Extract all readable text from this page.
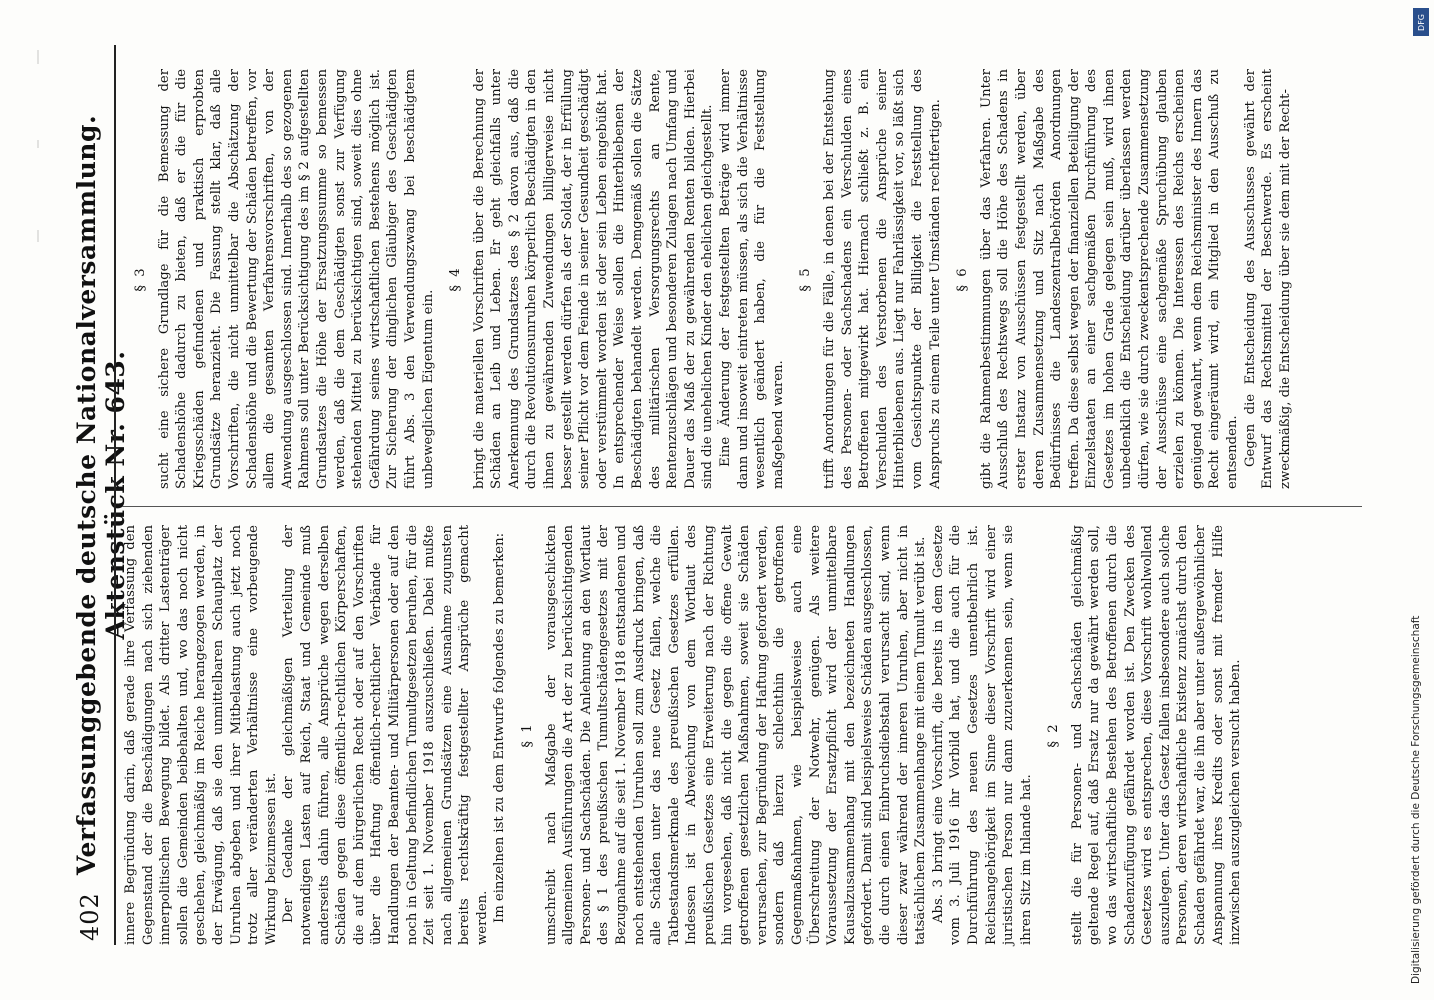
402
Verfassunggebende deutsche Nationalversammlung. Aktenstück Nr. 643.

innere Begründung darin, daß gerade ihre Verfassung den Gegenstand der die Beschädigungen nach sich ziehenden innerpolitischen Bewegung bildet. Als dritter Lastenträger sollen die Gemeinden beibehalten und, wo das noch nicht geschehen, gleichmäßig im Reiche herangezogen werden, in der Erwägung, daß sie den unmittelbaren Schauplatz der Unruhen abgeben und ihrer Mitbelastung auch jetzt noch trotz aller veränderten Verhältnisse eine vorbeugende Wirkung beizumessen ist. Der Gedanke der gleichmäßigen Verteilung der notwendigen Lasten auf Reich, Staat und Gemeinde muß anderseits dahin führen, alle Ansprüche wegen derselben Schäden gegen diese öffentlich-rechtlichen Körperschaften, die auf dem bürgerlichen Recht oder auf den Vorschriften über die Haftung öffentlich-rechtlicher Verbände für Handlungen der Beamten- und Militärpersonen oder auf den noch in Geltung befindlichen Tumultgesetzen beruhen, für die Zeit seit 1. November 1918 auszuschließen. Dabei mußte nach allgemeinen Grundsätzen eine Ausnahme zugunsten bereits rechtskräftig festgestellter Ansprüche gemacht werden. Im einzelnen ist zu dem Entwurfe folgendes zu bemerken: § 1 umschreibt nach Maßgabe der vorausgeschickten allgemeinen Ausführungen die Art der zu berücksichtigenden Personen- und Sachschäden. Die Anlehnung an den Wortlaut des § 1 des preußischen Tumultschädengesetzes mit der Bezugnahme auf die seit 1. November 1918 entstandenen und noch entstehenden Unruhen soll zum Ausdruck bringen, daß alle Schäden unter das neue Gesetz fallen, welche die Tatbestandsmerkmale des preußischen Gesetzes erfüllen. Indessen ist in Abweichung von dem Wortlaut des preußischen Gesetzes eine Erweiterung nach der Richtung hin vorgesehen, daß nicht die gegen die offene Gewalt getroffenen gesetzlichen Maßnahmen, soweit sie Schäden verursachen, zur Begründung der Haftung gefordert werden, sondern daß hierzu schlechthin die getroffenen Gegenmaßnahmen, wie beispielsweise auch eine Überschreitung der Notwehr, genügen. Als weitere Voraussetzung der Ersatzpflicht wird der unmittelbare Kausalzusammenhang mit den bezeichneten Handlungen gefordert. Damit sind beispielsweise Schäden ausgeschlossen, die durch einen Einbruchsdiebstahl verursacht sind, wenn dieser zwar während der inneren Unruhen, aber nicht in tatsächlichem Zusammenhange mit einem Tumult verübt ist. Abs. 3 bringt eine Vorschrift, die bereits in dem Gesetze vom 3. Juli 1916 ihr Vorbild hat, und die auch für die Durchführung des neuen Gesetzes unentbehrlich ist. Reichsangehörigkeit im Sinne dieser Vorschrift wird einer juristischen Person nur dann zuzuerkennen sein, wenn sie ihren Sitz im Inlande hat.

§ 2 stellt die für Personen- und Sachschäden gleichmäßig geltende Regel auf, daß Ersatz nur da gewährt werden soll, wo das wirtschaftliche Bestehen des Betroffenen durch die Schadenzufügung gefährdet worden ist. Den Zwecken des Gesetzes wird es entsprechen, diese Vorschrift wohlwollend auszulegen. Unter das Gesetz fallen insbesondere auch solche Personen, deren wirtschaftliche Existenz zunächst durch den Schaden gefährdet war, die ihn aber unter außergewöhnlicher Anspannung ihres Kredits oder sonst mit fremder Hilfe inzwischen auszugleichen versucht haben.

§ 3 sucht eine sichere Grundlage für die Bemessung der Schadenshöhe dadurch zu bieten, daß er die für die Kriegsschäden gefundenen und praktisch erprobten Grundsätze heranzieht. Die Fassung stellt klar, daß alle Vorschriften, die nicht unmittelbar die Abschätzung der Schadenshöhe und die Bewertung der Schäden betreffen, vor allem die gesamten Verfahrensvorschriften, von der Anwendung ausgeschlossen sind. Innerhalb des so gezogenen Rahmens soll unter Berücksichtigung des im § 2 aufgestellten Grundsatzes die Höhe der Ersatzungssumme so bemessen werden, daß die dem Geschädigten sonst zur Verfügung stehenden Mittel zu berücksichtigen sind, soweit dies ohne Gefährdung seines wirtschaftlichen Bestehens möglich ist. Zur Sicherung der dinglichen Gläubiger des Geschädigten führt Abs. 3 den Verwendungszwang bei beschädigtem unbeweglichen Eigentum ein.

§ 4 bringt die materiellen Vorschriften über die Berechnung der Schäden an Leib und Leben. Er geht gleichfalls unter Anerkennung des Grundsatzes des § 2 davon aus, daß die durch die Revolutionsunruhen körperlich Beschädigten in den ihnen zu gewährenden Zuwendungen billigerweise nicht besser gestellt werden dürfen als der Soldat, der in Erfüllung seiner Pflicht vor dem Feinde in seiner Gesundheit geschädigt oder verstümmelt worden ist oder sein Leben eingebüßt hat. In entsprechender Weise sollen die Hinterbliebenen der Beschädigten behandelt werden. Demgemäß sollen die Sätze des militärischen Versorgungsrechts an Rente, Rentenzuschlägen und besonderen Zulagen nach Umfang und Dauer das Maß der zu gewährenden Renten bilden. Hierbei sind die unehelichen Kinder den ehelichen gleichgestellt. Eine Änderung der festgestellten Beträge wird immer dann und insoweit eintreten müssen, als sich die Verhältnisse wesentlich geändert haben, die für die Feststellung maßgebend waren.

§ 5 trifft Anordnungen für die Fälle, in denen bei der Entstehung des Personen- oder Sachschadens ein Verschulden eines Betroffenen mitgewirkt hat. Hiernach schließt z. B. ein Verschulden des Verstorbenen die Ansprüche seiner Hinterbliebenen aus. Liegt nur Fahrlässigkeit vor, so läßt sich vom Gesichtspunkte der Billigkeit die Feststellung des Anspruchs zu einem Teile unter Umständen rechtfertigen. § 6 gibt die Rahmenbestimmungen über das Verfahren. Unter Ausschluß des Rechtswegs soll die Höhe des Schadens in erster Instanz von Ausschüssen festgestellt werden, über deren Zusammensetzung und Sitz nach Maßgabe des Bedürfnisses die Landeszentralbehörden Anordnungen treffen. Da diese selbst wegen der finanziellen Beteiligung der Einzelstaaten an einer sachgemäßen Durchführung des Gesetzes im hohen Grade gelegen sein muß, wird ihnen unbedenklich die Entscheidung darüber überlassen werden dürfen, wie sie durch zweckentsprechende Zusammensetzung der Ausschüsse eine sachgemäße Spruchübung glauben erzielen zu können. Die Interessen des Reichs erscheinen genügend gewahrt, wenn dem Reichsminister des Innern das Recht eingeräumt wird, ein Mitglied in den Ausschuß zu entsenden. Gegen die Entscheidung des Ausschusses gewährt der Entwurf das Rechtsmittel der Beschwerde. Es erscheint zweckmäßig, die Entscheidung über sie dem mit der Recht-

Digitalisierung gefördert durch die Deutsche Forschungsgemeinschaft
DFG
